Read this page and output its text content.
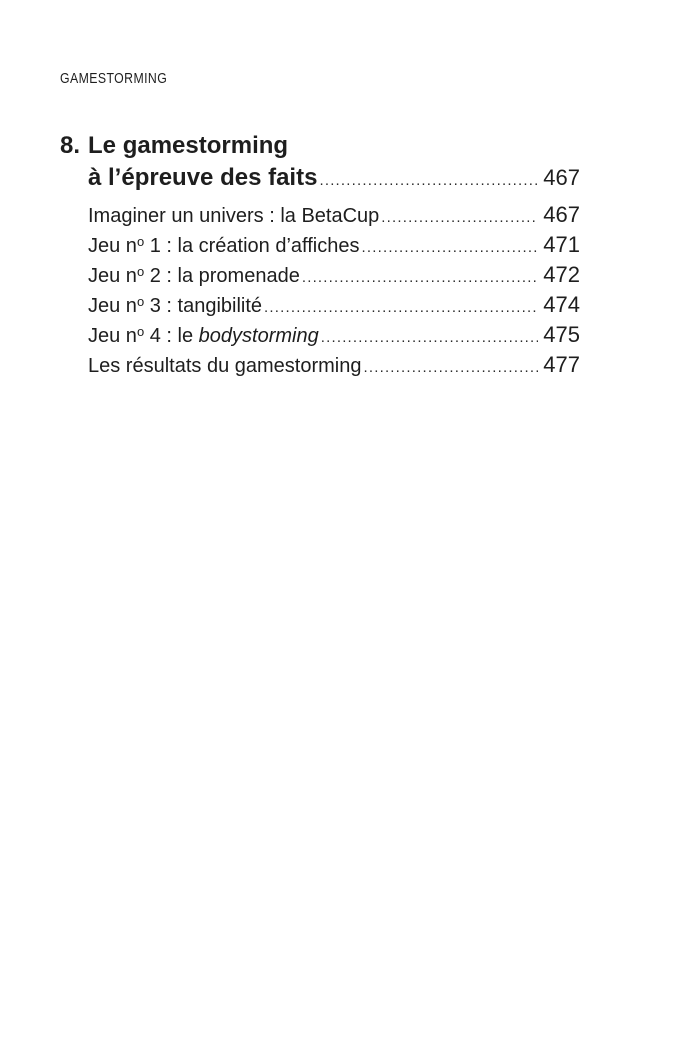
GAMESTORMING
8. Le gamestorming
à l’épreuve des faits .....	467
Imaginer un univers : la BetaCup .....	467
Jeu $n^o$ 1 : la création d’affiches .....	471
Jeu $n^o$ 2 : la promenade .....	472
Jeu $n^o$ 3 : tangibilité .....	474
Jeu $n^o$ 4 : le bodystorming .....	475
Les résultats du gamestorming .....	477
